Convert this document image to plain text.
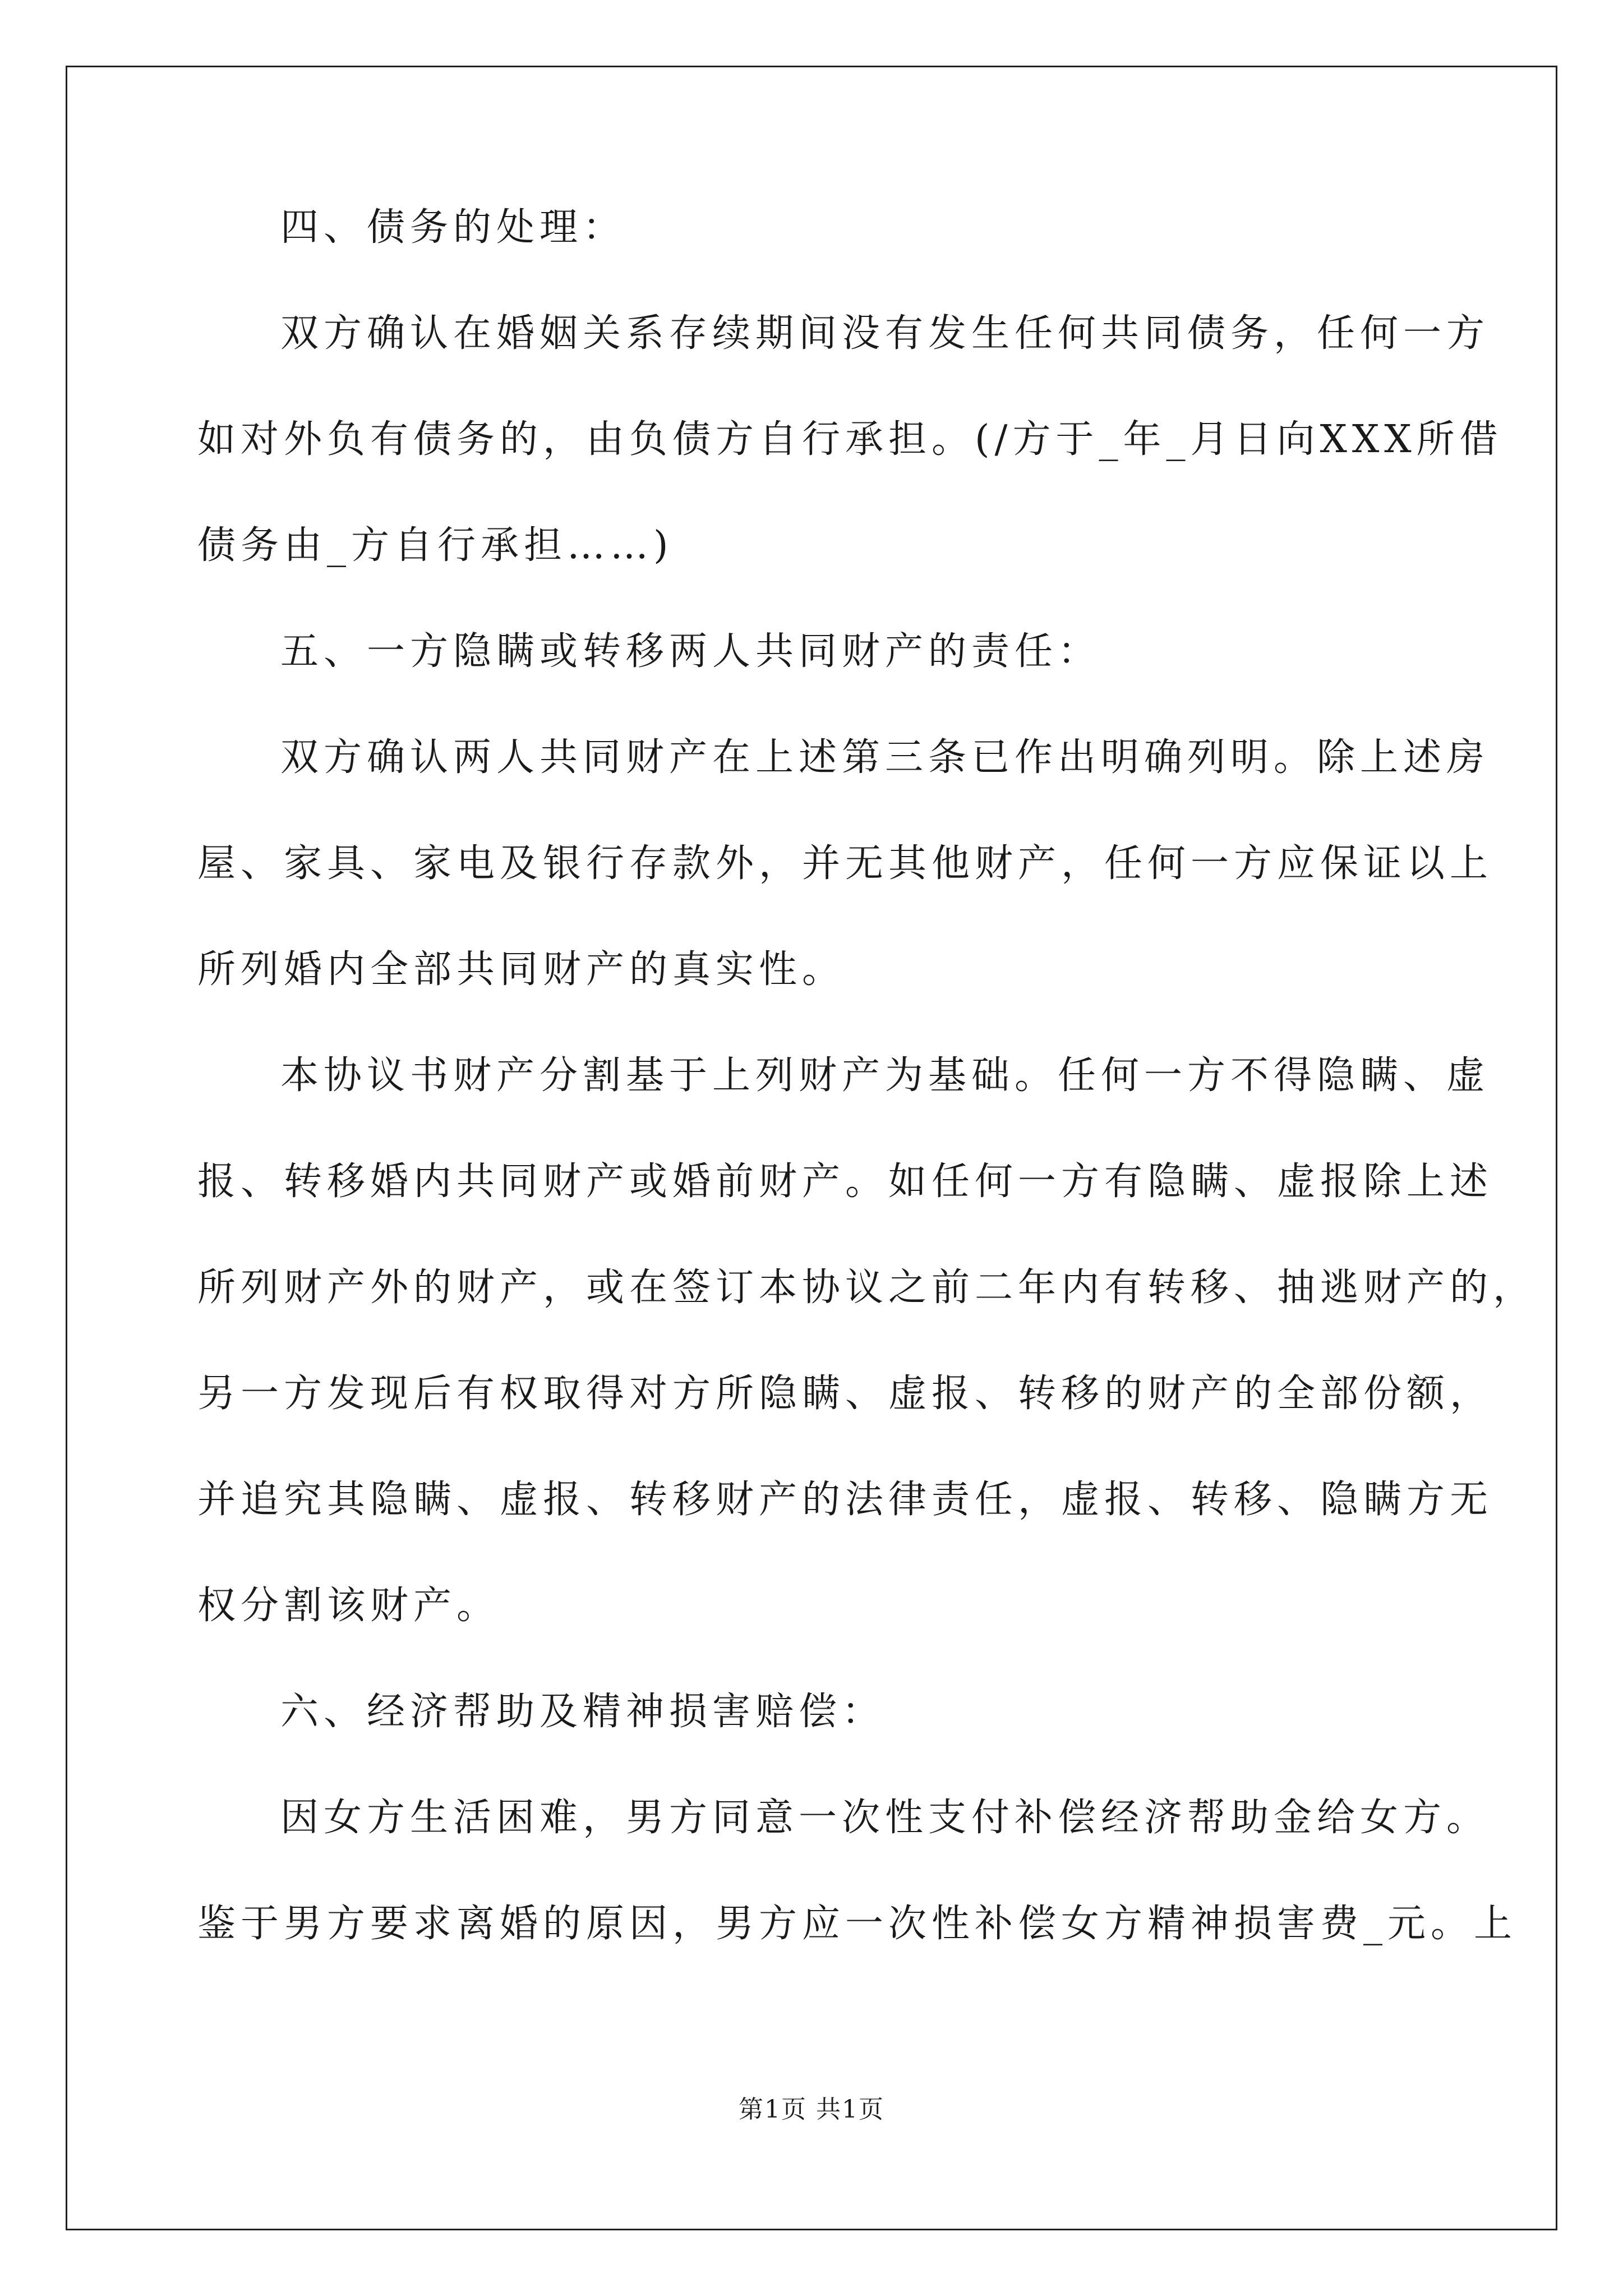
四、债务的处理：
双方确认在婚姻关系存续期间没有发生任何共同债务，任何一方
如对外负有债务的，由负债方自行承担。(/方于_年_月日向XXX所借
债务由_方自行承担……)
五、一方隐瞒或转移两人共同财产的责任：
双方确认两人共同财产在上述第三条已作出明确列明。除上述房
屋、家具、家电及银行存款外，并无其他财产，任何一方应保证以上
所列婚内全部共同财产的真实性。
本协议书财产分割基于上列财产为基础。任何一方不得隐瞒、虚
报、转移婚内共同财产或婚前财产。如任何一方有隐瞒、虚报除上述
所列财产外的财产，或在签订本协议之前二年内有转移、抽逃财产的，
另一方发现后有权取得对方所隐瞒、虚报、转移的财产的全部份额，
并追究其隐瞒、虚报、转移财产的法律责任，虚报、转移、隐瞒方无
权分割该财产。
六、经济帮助及精神损害赔偿：
因女方生活困难，男方同意一次性支付补偿经济帮助金给女方。
鉴于男方要求离婚的原因，男方应一次性补偿女方精神损害费_元。上
第1页 共1页
